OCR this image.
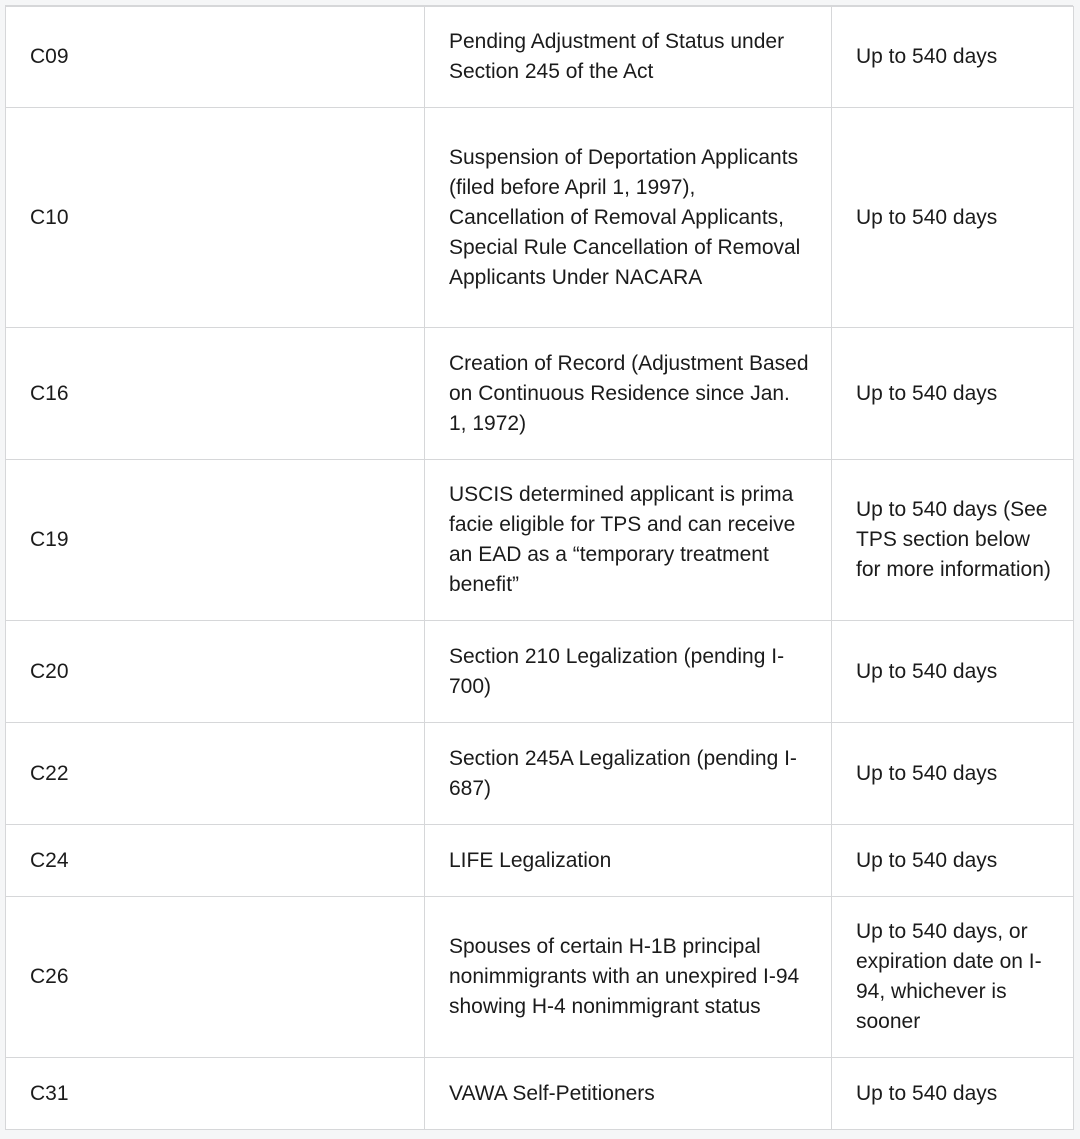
C09	Pending Adjustment of Status under Section 245 of the Act	Up to 540 days
C10	Suspension of Deportation Applicants (filed before April 1, 1997), Cancellation of Removal Applicants, Special Rule Cancellation of Removal Applicants Under NACARA	Up to 540 days
C16	Creation of Record (Adjustment Based on Continuous Residence since Jan. 1, 1972)	Up to 540 days
C19	USCIS determined applicant is prima facie eligible for TPS and can receive an EAD as a “temporary treatment benefit”	Up to 540 days (See TPS section below for more information)
C20	Section 210 Legalization (pending I-700)	Up to 540 days
C22	Section 245A Legalization (pending I-687)	Up to 540 days
C24	LIFE Legalization	Up to 540 days
C26	Spouses of certain H-1B principal nonimmigrants with an unexpired I-94 showing H-4 nonimmigrant status	Up to 540 days, or expiration date on I-94, whichever is sooner
C31	VAWA Self-Petitioners	Up to 540 days
